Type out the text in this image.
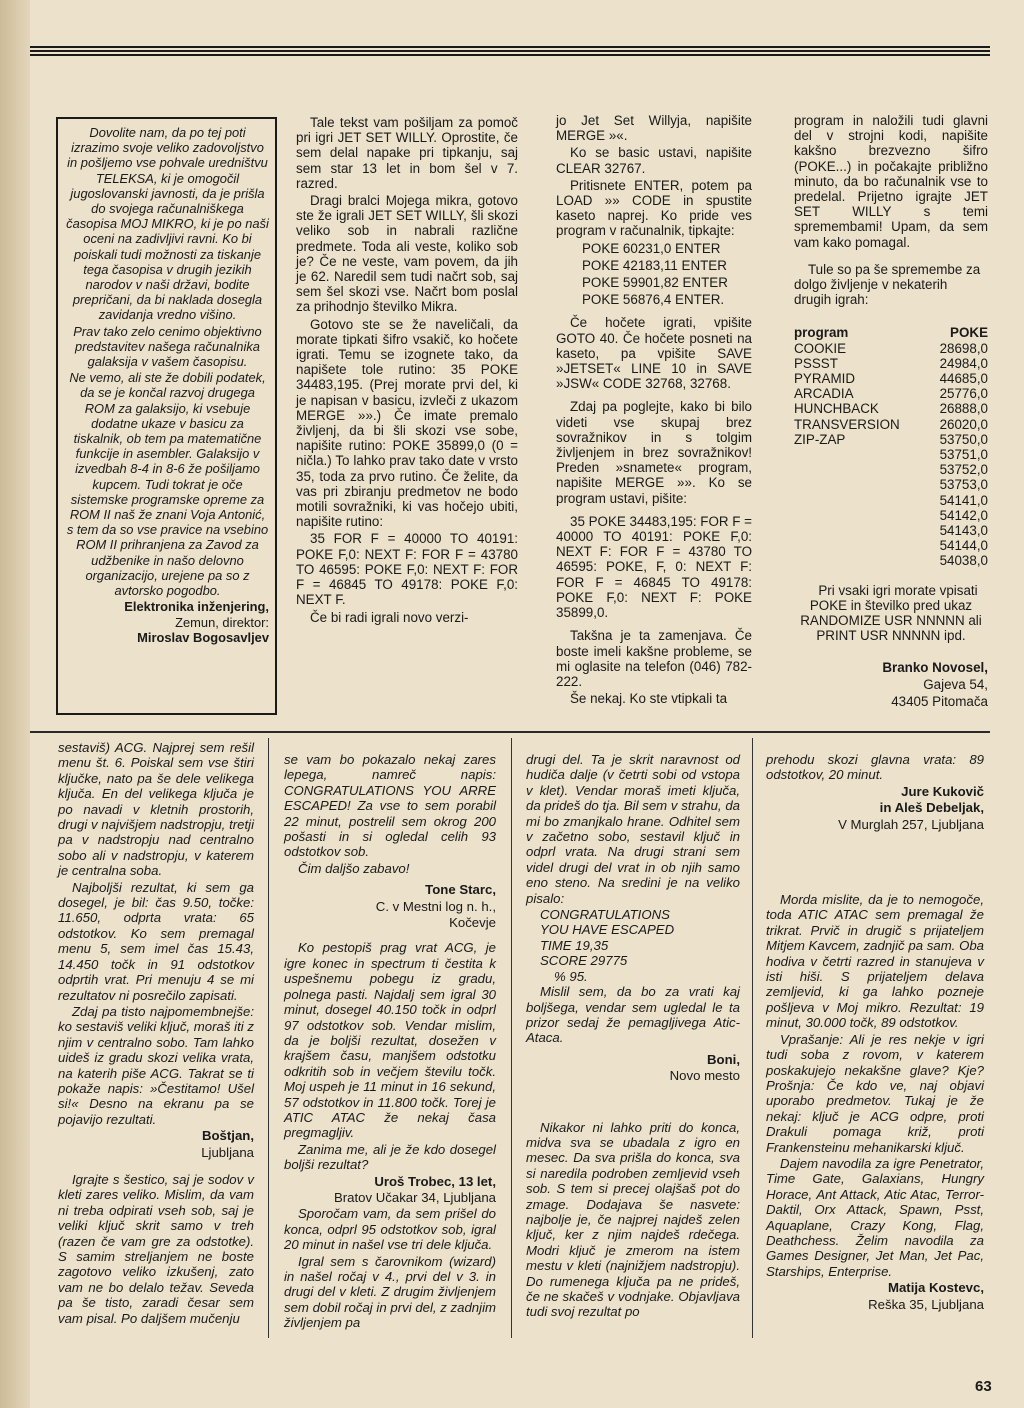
Dovolite nam, da po tej poti izrazimo svoje veliko zadovoljstvo in pošljemo vse pohvale uredništvu TELEKSA, ki je omogočil jugoslovanski javnosti, da je prišla do svojega računalniškega časopisa MOJ MIKRO, ki je po naši oceni na zadivljivi ravni. Ko bi poiskali tudi možnosti za tiskanje tega časopisa v drugih jezikih narodov v naši državi, bodite prepričani, da bi naklada dosegla zavidanja vredno višino.

Prav tako zelo cenimo objektivno predstavitev našega računalnika galaksija v vašem časopisu.

Ne vemo, ali ste že dobili podatek, da se je končal razvoj drugega ROM za galaksijo, ki vsebuje dodatne ukaze v basicu za tiskalnik, ob tem pa matematične funkcije in asembler. Galaksijo v izvedbah 8-4 in 8-6 že pošiljamo kupcem. Tudi tokrat je oče sistemske programske opreme za ROM II naš že znani Voja Antonić, s tem da so vse pravice na vsebino ROM II prihranjena za Zavod za udžbenike in našo delovno organizacijo, urejene pa so z avtorsko pogodbo.

Elektronika inženjering,

Zemun, direktor:

Miroslav Bogosavljev

Tale tekst vam pošiljam za pomoč pri igri JET SET WILLY. Oprostite, če sem delal napake pri tipkanju, saj sem star 13 let in bom šel v 7. razred.

Dragi bralci Mojega mikra, gotovo ste že igrali JET SET WILLY, šli skozi veliko sob in nabrali različne predmete. Toda ali veste, koliko sob je? Če ne veste, vam povem, da jih je 62. Naredil sem tudi načrt sob, saj sem šel skozi vse. Načrt bom poslal za prihodnjo številko Mikra.

Gotovo ste se že naveličali, da morate tipkati šifro vsakič, ko hočete igrati. Temu se izognete tako, da napišete tole rutino: 35 POKE 34483,195. (Prej morate prvi del, ki je napisan v basicu, izvleči z ukazom MERGE »».) Če imate premalo življenj, da bi šli skozi vse sobe, napišite rutino: POKE 35899,0 (0 = ničla.) To lahko prav tako date v vrsto 35, toda za prvo rutino. Če želite, da vas pri zbiranju predmetov ne bodo motili sovražniki, ki vas hočejo ubiti, napišite rutino:

35 FOR F = 40000 TO 40191: POKE F,0: NEXT F: FOR F = 43780 TO 46595: POKE F,0: NEXT F: FOR F = 46845 TO 49178: POKE F,0: NEXT F.

Če bi radi igrali novo verzi-

jo Jet Set Willyja, napišite MERGE »«.

Ko se basic ustavi, napišite CLEAR 32767.

Pritisnete ENTER, potem pa LOAD »» CODE in spustite kaseto naprej. Ko pride ves program v računalnik, tipkajte:

POKE 60231,0 ENTER

POKE 42183,11 ENTER

POKE 59901,82 ENTER

POKE 56876,4 ENTER.

Če hočete igrati, vpišite GOTO 40. Če hočete posneti na kaseto, pa vpišite SAVE »JETSET« LINE 10 in SAVE »JSW« CODE 32768, 32768.

Zdaj pa poglejte, kako bi bilo videti vse skupaj brez sovražnikov in s tolgim življenjem in brez sovražnikov! Preden »snamete« program, napišite MERGE »». Ko se program ustavi, pišite:

35 POKE 34483,195: FOR F = 40000 TO 40191: POKE F,0: NEXT F: FOR F = 43780 TO 46595: POKE, F, 0: NEXT F: FOR F = 46845 TO 49178: POKE F,0: NEXT F: POKE 35899,0.

Takšna je ta zamenjava. Če boste imeli kakšne probleme, se mi oglasite na telefon (046) 782-222.

Še nekaj. Ko ste vtipkali ta

program in naložili tudi glavni del v strojni kodi, napišite kakšno brezvezno šifro (POKE...) in počakajte približno minuto, da bo računalnik vse to predelal. Prijetno igrajte JET SET WILLY s temi spremembami! Upam, da sem vam kako pomagal.

Tule so pa še spremembe za dolgo življenje v nekaterih drugih igrah:

program	POKE
COOKIE	28698,0
PSSST	24984,0
PYRAMID	44685,0
ARCADIA	25776,0
HUNCHBACK	26888,0
TRANSVERSION	26020,0
ZIP-ZAP	53750,0
	53751,0
	53752,0
	53753,0
	54141,0
	54142,0
	54143,0
	54144,0
	54038,0

Pri vsaki igri morate vpisati POKE in številko pred ukaz RANDOMIZE USR NNNNN ali PRINT USR NNNNN ipd.

Branko Novosel,

Gajeva 54,

43405 Pitomača

sestaviš) ACG. Najprej sem rešil menu št. 6. Poiskal sem vse štiri ključke, nato pa še dele velikega ključa. En del velikega ključa je po navadi v kletnih prostorih, drugi v najvišjem nadstropju, tretji pa v nadstropju nad centralno sobo ali v nadstropju, v katerem je centralna soba.

Najboljši rezultat, ki sem ga dosegel, je bil: čas 9.50, točke: 11.650, odprta vrata: 65 odstotkov. Ko sem premagal menu 5, sem imel čas 15.43, 14.450 točk in 91 odstotkov odprtih vrat. Pri menuju 4 se mi rezultatov ni posrečilo zapisati.

Zdaj pa tisto najpomembnejše: ko sestaviš veliki ključ, moraš iti z njim v centralno sobo. Tam lahko uideš iz gradu skozi velika vrata, na katerih piše ACG. Takrat se ti pokaže napis: »Čestitamo! Ušel si!« Desno na ekranu pa se pojavijo rezultati.

Boštjan,

Ljubljana

Igrajte s šestico, saj je sodov v kleti zares veliko. Mislim, da vam ni treba odpirati vseh sob, saj je veliki ključ skrit samo v treh (razen če vam gre za odstotke). S samim streljanjem ne boste zagotovo veliko izkušenj, zato vam ne bo delalo težav. Seveda pa še tisto, zaradi česar sem vam pisal. Po daljšem mučenju

se vam bo pokazalo nekaj zares lepega, namreč napis: CONGRATULATIONS YOU ARRE ESCAPED! Za vse to sem porabil 22 minut, postrelil sem okrog 200 pošasti in si ogledal celih 93 odstotkov sob.

Čim daljšo zabavo!

Tone Starc,

C. v Mestni log n. h.,

Kočevje

Ko pestopiš prag vrat ACG, je igre konec in spectrum ti čestita k uspešnemu pobegu iz gradu, polnega pasti. Najdalj sem igral 30 minut, dosegel 40.150 točk in odprl 97 odstotkov sob. Vendar mislim, da je boljši rezultat, dosežen v krajšem času, manjšem odstotku odkritih sob in večjem številu točk. Moj uspeh je 11 minut in 16 sekund, 57 odstotkov in 11.800 točk. Torej je ATIC ATAC že nekaj časa pregmagljiv.

Zanima me, ali je že kdo dosegel boljši rezultat?

Uroš Trobec, 13 let,

Bratov Učakar 34, Ljubljana

Sporočam vam, da sem prišel do konca, odprl 95 odstotkov sob, igral 20 minut in našel vse tri dele ključa.

Igral sem s čarovnikom (wizard) in našel ročaj v 4., prvi del v 3. in drugi del v kleti. Z drugim življenjem sem dobil ročaj in prvi del, z zadnjim življenjem pa

drugi del. Ta je skrit naravnost od hudiča dalje (v četrti sobi od vstopa v klet). Vendar moraš imeti ključa, da prideš do tja. Bil sem v strahu, da mi bo zmanjkalo hrane. Odhitel sem v začetno sobo, sestavil ključ in odprl vrata. Na drugi strani sem videl drugi del vrat in ob njih samo eno steno. Na sredini je na veliko pisalo:

CONGRATULATIONS
YOU HAVE ESCAPED
TIME 19,35
SCORE 29775
% 95.

Mislil sem, da bo za vrati kaj boljšega, vendar sem ugledal le ta prizor sedaj že pemagljivega Atic-Ataca.

Boni,

Novo mesto

Nikakor ni lahko priti do konca, midva sva se ubadala z igro en mesec. Da sva prišla do konca, sva si naredila podroben zemljevid vseh sob. S tem si precej olajšaš pot do zmage. Dodajava še nasvete: najbolje je, če najprej najdeš zelen ključ, ker z njim najdeš rdečega. Modri ključ je zmerom na istem mestu v kleti (najnižjem nadstropju). Do rumenega ključa pa ne prideš, če ne skačeš v vodnjake. Objavljava tudi svoj rezultat po

prehodu skozi glavna vrata: 89 odstotkov, 20 minut.

Jure Kukovič

in Aleš Debeljak,

V Murglah 257, Ljubljana

Morda mislite, da je to nemogoče, toda ATIC ATAC sem premagal že trikrat. Prvič in drugič s prijateljem Mitjem Kavcem, zadnjič pa sam. Oba hodiva v četrti razred in stanujeva v isti hiši. S prijateljem delava zemljevid, ki ga lahko pozneje pošljeva v Moj mikro. Rezultat: 19 minut, 30.000 točk, 89 odstotkov.

Vprašanje: Ali je res nekje v igri tudi soba z rovom, v katerem poskakujejo nekakšne glave? Kje? Prošnja: Če kdo ve, naj objavi uporabo predmetov. Tukaj je že nekaj: ključ je ACG odpre, proti Drakuli pomaga križ, proti Frankensteinu mehanikarski ključ.

Dajem navodila za igre Penetrator, Time Gate, Galaxians, Hungry Horace, Ant Attack, Atic Atac, Terror-Daktil, Orx Attack, Spawn, Psst, Aquaplane, Crazy Kong, Flag, Deathchess. Želim navodila za Games Designer, Jet Man, Jet Pac, Starships, Enterprise.

Matija Kostevc,

Reška 35, Ljubljana

63
